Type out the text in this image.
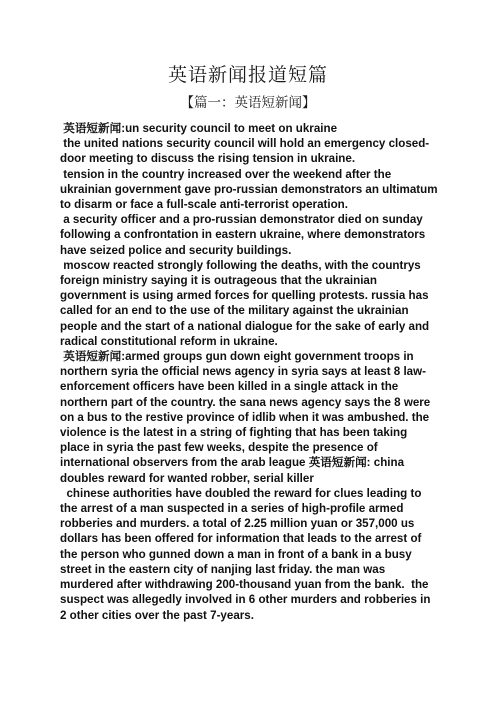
英语新闻报道短篇
【篇一：英语短新闻】

英语短新闻:un security council to meet on ukraine

the united nations security council will hold an emergency closed-door meeting to discuss the rising tension in ukraine.

tension in the country increased over the weekend after the ukrainian government gave pro-russian demonstrators an ultimatum to disarm or face a full-scale anti-terrorist operation.

a security officer and a pro-russian demonstrator died on sunday following a confrontation in eastern ukraine, where demonstrators have seized police and security buildings.

moscow reacted strongly following the deaths, with the countrys foreign ministry saying it is outrageous that the ukrainian government is using armed forces for quelling protests. russia has called for an end to the use of the military against the ukrainian people and the start of a national dialogue for the sake of early and radical constitutional reform in ukraine.

英语短新闻:armed groups gun down eight government troops in northern syria the official news agency in syria says at least 8 law-enforcement officers have been killed in a single attack in the northern part of the country. the sana news agency says the 8 were on a bus to the restive province of idlib when it was ambushed. the violence is the latest in a string of fighting that has been taking place in syria the past few weeks, despite the presence of international observers from the arab league 英语短新闻: china doubles reward for wanted robber, serial killer

chinese authorities have doubled the reward for clues leading to the arrest of a man suspected in a series of high-profile armed robberies and murders. a total of 2.25 million yuan or 357,000 us dollars has been offered for information that leads to the arrest of the person who gunned down a man in front of a bank in a busy street in the eastern city of nanjing last friday. the man was murdered after withdrawing 200-thousand yuan from the bank.  the suspect was allegedly involved in 6 other murders and robberies in 2 other cities over the past 7-years.
